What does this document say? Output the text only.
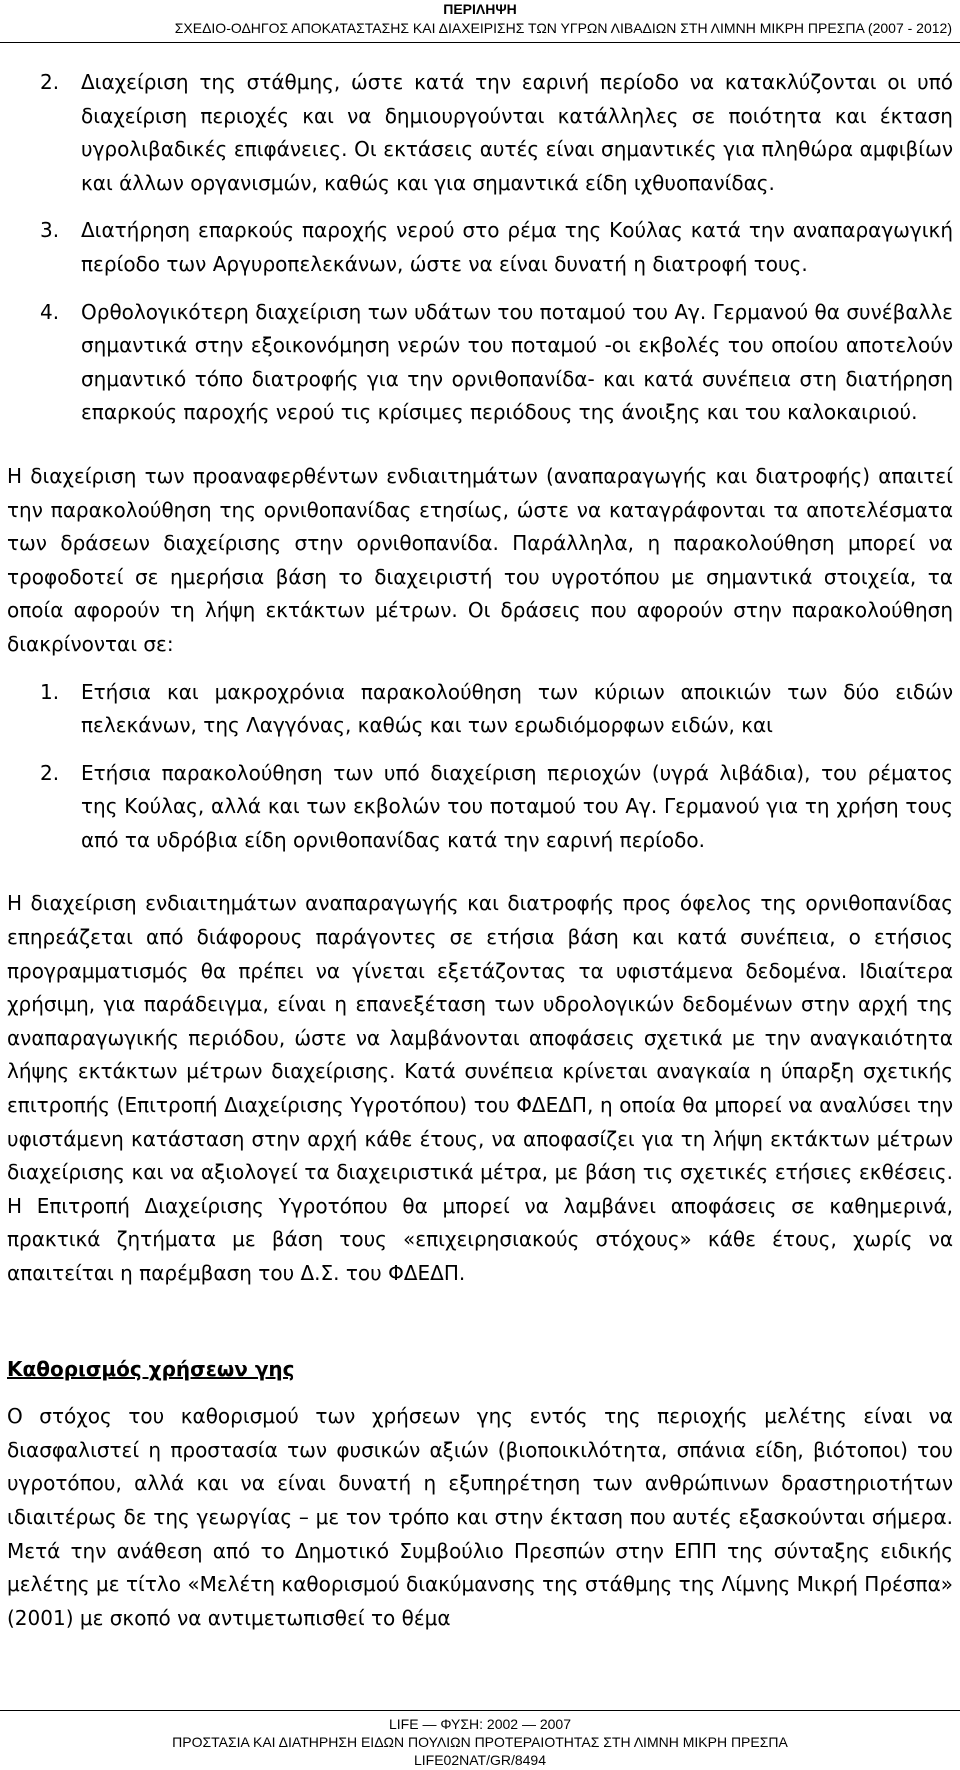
ΠΕΡΙΛΗΨΗ
ΣΧΕΔΙΟ-ΟΔΗΓΟΣ ΑΠΟΚΑΤΑΣΤΑΣΗΣ ΚΑΙ ΔΙΑΧΕΙΡΙΣΗΣ ΤΩΝ ΥΓΡΩΝ ΛΙΒΑΔΙΩΝ ΣΤΗ ΛΙΜΝΗ ΜΙΚΡΗ ΠΡΕΣΠΑ (2007 - 2012)
2. Διαχείριση της στάθμης, ώστε κατά την εαρινή περίοδο να κατακλύζονται οι υπό διαχείριση περιοχές και να δημιουργούνται κατάλληλες σε ποιότητα και έκταση υγρολιβαδικές επιφάνειες. Οι εκτάσεις αυτές είναι σημαντικές για πληθώρα αμφιβίων και άλλων οργανισμών, καθώς και για σημαντικά είδη ιχθυοπανίδας.
3. Διατήρηση επαρκούς παροχής νερού στο ρέμα της Κούλας κατά την αναπαραγωγική περίοδο των Αργυροπελεκάνων, ώστε να είναι δυνατή η διατροφή τους.
4. Ορθολογικότερη διαχείριση των υδάτων του ποταμού του Αγ. Γερμανού θα συνέβαλλε σημαντικά στην εξοικονόμηση νερών του ποταμού -οι εκβολές του οποίου αποτελούν σημαντικό τόπο διατροφής για την ορνιθοπανίδα- και κατά συνέπεια στη διατήρηση επαρκούς παροχής νερού τις κρίσιμες περιόδους της άνοιξης και του καλοκαιριού.

Η διαχείριση των προαναφερθέντων ενδιαιτημάτων (αναπαραγωγής και διατροφής) απαιτεί την παρακολούθηση της ορνιθοπανίδας ετησίως, ώστε να καταγράφονται τα αποτελέσματα των δράσεων διαχείρισης στην ορνιθοπανίδα. Παράλληλα, η παρακολούθηση μπορεί να τροφοδοτεί σε ημερήσια βάση το διαχειριστή του υγροτόπου με σημαντικά στοιχεία, τα οποία αφορούν τη λήψη εκτάκτων μέτρων. Οι δράσεις που αφορούν στην παρακολούθηση διακρίνονται σε:

1. Ετήσια και μακροχρόνια παρακολούθηση των κύριων αποικιών των δύο ειδών πελεκάνων, της Λαγγόνας, καθώς και των ερωδιόμορφων ειδών, και
2. Ετήσια παρακολούθηση των υπό διαχείριση περιοχών (υγρά λιβάδια), του ρέματος της Κούλας, αλλά και των εκβολών του ποταμού του Αγ. Γερμανού για τη χρήση τους από τα υδρόβια είδη ορνιθοπανίδας κατά την εαρινή περίοδο.

Η διαχείριση ενδιαιτημάτων αναπαραγωγής και διατροφής προς όφελος της ορνιθοπανίδας επηρεάζεται από διάφορους παράγοντες σε ετήσια βάση και κατά συνέπεια, ο ετήσιος προγραμματισμός θα πρέπει να γίνεται εξετάζοντας τα υφιστάμενα δεδομένα. Ιδιαίτερα χρήσιμη, για παράδειγμα, είναι η επανεξέταση των υδρολογικών δεδομένων στην αρχή της αναπαραγωγικής περιόδου, ώστε να λαμβάνονται αποφάσεις σχετικά με την αναγκαιότητα λήψης εκτάκτων μέτρων διαχείρισης. Κατά συνέπεια κρίνεται αναγκαία η ύπαρξη σχετικής επιτροπής (Επιτροπή Διαχείρισης Υγροτόπου) του ΦΔΕΔΠ, η οποία θα μπορεί να αναλύσει την υφιστάμενη κατάσταση στην αρχή κάθε έτους, να αποφασίζει για τη λήψη εκτάκτων μέτρων διαχείρισης και να αξιολογεί τα διαχειριστικά μέτρα, με βάση τις σχετικές ετήσιες εκθέσεις. Η Επιτροπή Διαχείρισης Υγροτόπου θα μπορεί να λαμβάνει αποφάσεις σε καθημερινά, πρακτικά ζητήματα με βάση τους «επιχειρησιακούς στόχους» κάθε έτους, χωρίς να απαιτείται η παρέμβαση του Δ.Σ. του ΦΔΕΔΠ.

Καθορισμός χρήσεων γης

Ο στόχος του καθορισμού των χρήσεων γης εντός της περιοχής μελέτης είναι να διασφαλιστεί η προστασία των φυσικών αξιών (βιοποικιλότητα, σπάνια είδη, βιότοποι) του υγροτόπου, αλλά και να είναι δυνατή η εξυπηρέτηση των ανθρώπινων δραστηριοτήτων ιδιαιτέρως δε της γεωργίας – με τον τρόπο και στην έκταση που αυτές εξασκούνται σήμερα. Μετά την ανάθεση από το Δημοτικό Συμβούλιο Πρεσπών στην ΕΠΠ της σύνταξης ειδικής μελέτης με τίτλο «Μελέτη καθορισμού διακύμανσης της στάθμης της Λίμνης Μικρή Πρέσπα» (2001) με σκοπό να αντιμετωπισθεί το θέμα

LIFE — ΦΥΣΗ: 2002 — 2007
ΠΡΟΣΤΑΣΙΑ ΚΑΙ ΔΙΑΤΗΡΗΣΗ ΕΙΔΩΝ ΠΟΥΛΙΩΝ ΠΡΟΤΕΡΑΙΟΤΗΤΑΣ ΣΤΗ ΛΙΜΝΗ ΜΙΚΡΗ ΠΡΕΣΠΑ
LIFE02NAT/GR/8494
